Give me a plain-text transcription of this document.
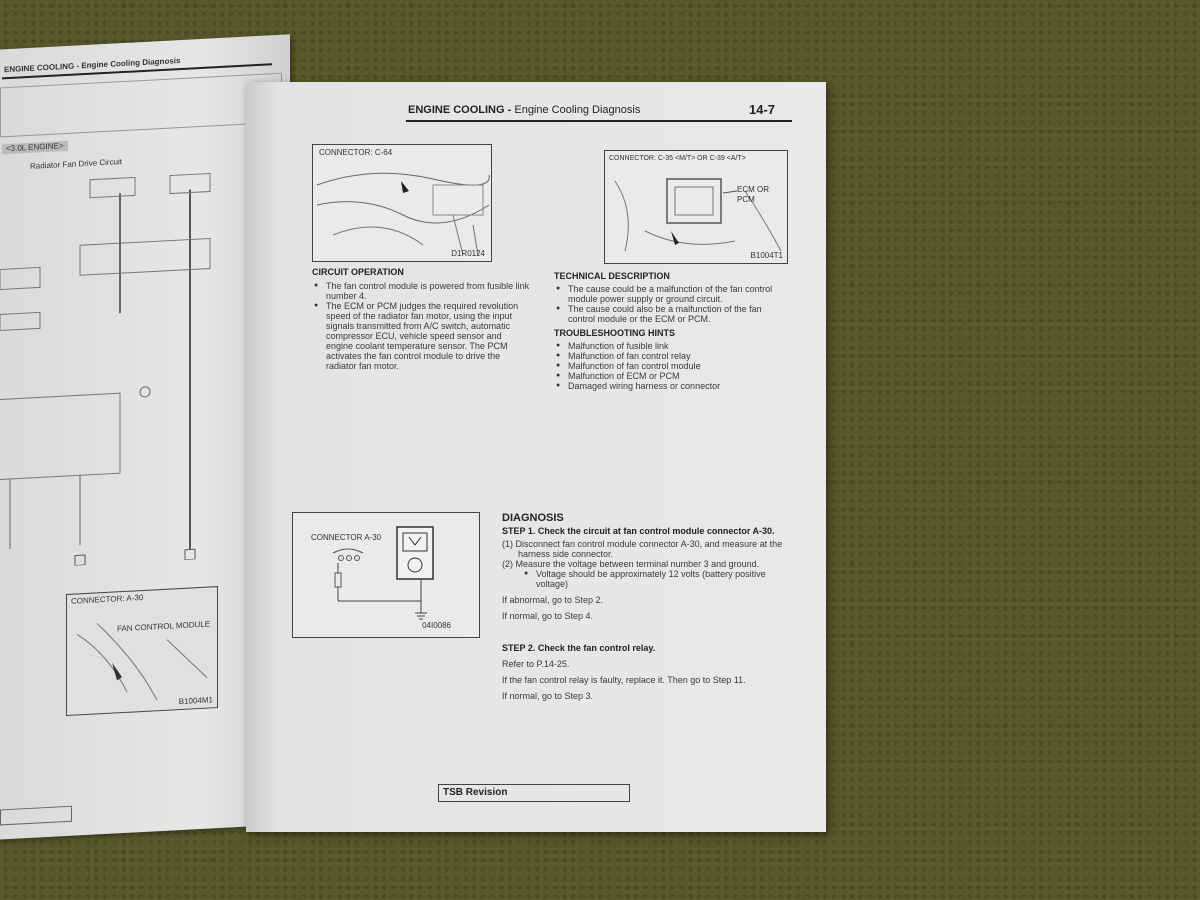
ENGINE COOLING - Engine Cooling Diagnosis
<3.0L ENGINE>
Radiator Fan Drive Circuit
CONNECTOR: A-30
FAN CONTROL MODULE
B1004M1
ENGINE COOLING - Engine Cooling Diagnosis	14-7
CONNECTOR: C-64
D1R0124
CONNECTOR: C-35 <M/T> OR C-39 <A/T>
ECM OR PCM
B1004T1
CIRCUIT OPERATION
● The fan control module is powered from fusible link number 4.
● The ECM or PCM judges the required revolution speed of the radiator fan motor, using the input signals transmitted from A/C switch, automatic compressor ECU, vehicle speed sensor and engine coolant temperature sensor. The PCM activates the fan control module to drive the radiator fan motor.
TECHNICAL DESCRIPTION
● The cause could be a malfunction of the fan control module power supply or ground circuit.
● The cause could also be a malfunction of the fan control module or the ECM or PCM.
TROUBLESHOOTING HINTS
● Malfunction of fusible link
● Malfunction of fan control relay
● Malfunction of fan control module
● Malfunction of ECM or PCM
● Damaged wiring harness or connector
CONNECTOR A-30
04I0086
DIAGNOSIS
STEP 1. Check the circuit at fan control module connector A-30.
(1) Disconnect fan control module connector A-30, and measure at the harness side connector.
(2) Measure the voltage between terminal number 3 and ground.
● Voltage should be approximately 12 volts (battery positive voltage)
If abnormal, go to Step 2.
If normal, go to Step 4.
STEP 2. Check the fan control relay.
Refer to P.14-25.
If the fan control relay is faulty, replace it. Then go to Step 11.
If normal, go to Step 3.
TSB Revision
